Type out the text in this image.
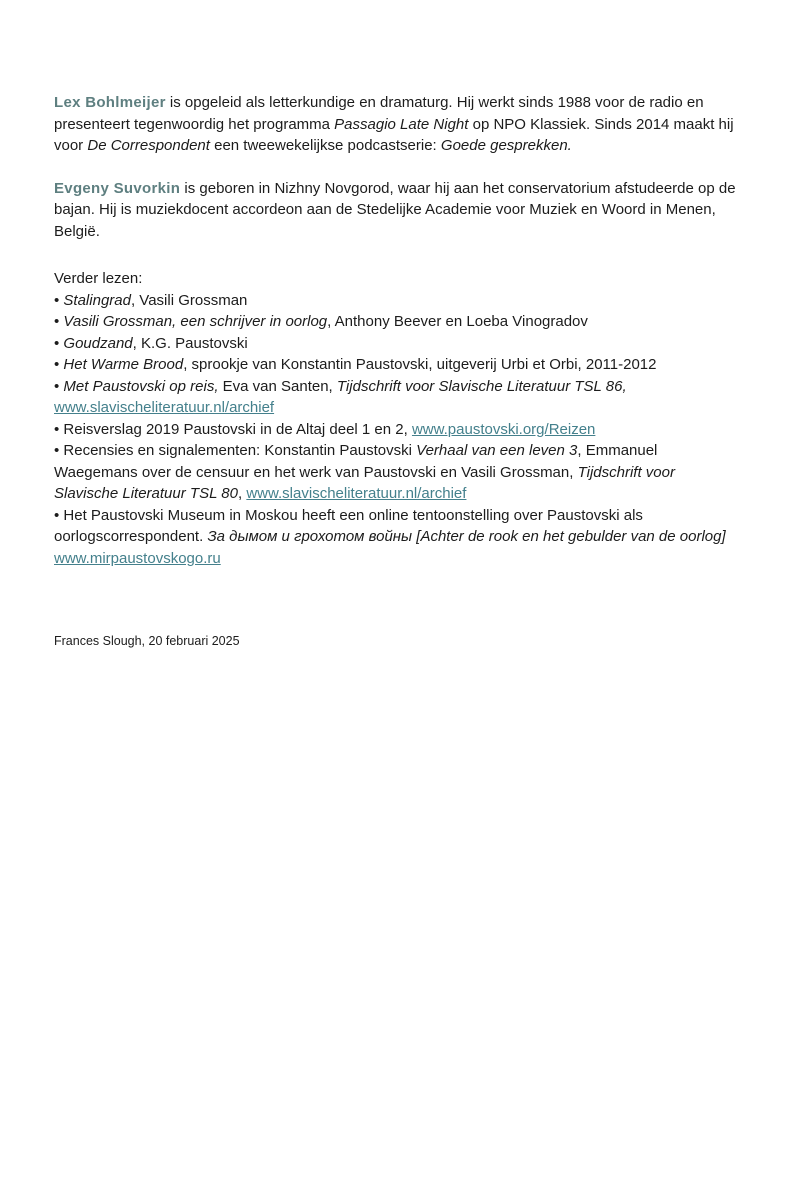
Lex Bohlmeijer is opgeleid als letterkundige en dramaturg. Hij werkt sinds 1988 voor de radio en presenteert tegenwoordig het programma Passagio Late Night op NPO Klassiek. Sinds 2014 maakt hij voor De Correspondent een tweewekelijkse podcastserie: Goede gesprekken.

Evgeny Suvorkin is geboren in Nizhny Novgorod, waar hij aan het conservatorium afstudeerde op de bajan. Hij is muziekdocent accordeon aan de Stedelijke Academie voor Muziek en Woord in Menen, België.

Verder lezen:

• Stalingrad, Vasili Grossman

• Vasili Grossman, een schrijver in oorlog, Anthony Beever en Loeba Vinogradov

• Goudzand, K.G. Paustovski

• Het Warme Brood, sprookje van Konstantin Paustovski, uitgeverij Urbi et Orbi, 2011-2012

• Met Paustovski op reis, Eva van Santen, Tijdschrift voor Slavische Literatuur TSL 86,
www.slavischeliteratuur.nl/archief

• Reisverslag 2019 Paustovski in de Altaj deel 1 en 2, www.paustovski.org/Reizen

• Recensies en signalementen: Konstantin Paustovski Verhaal van een leven 3, Emmanuel Waegemans over de censuur en het werk van Paustovski en Vasili Grossman, Tijdschrift voor Slavische Literatuur TSL 80, www.slavischeliteratuur.nl/archief

• Het Paustovski Museum in Moskou heeft een online tentoonstelling over Paustovski als oorlogscorrespondent. За дымом и грохотом войны [Achter de rook en het gebulder van de oorlog] www.mirpaustovskogo.ru

Frances Slough, 20 februari 2025
